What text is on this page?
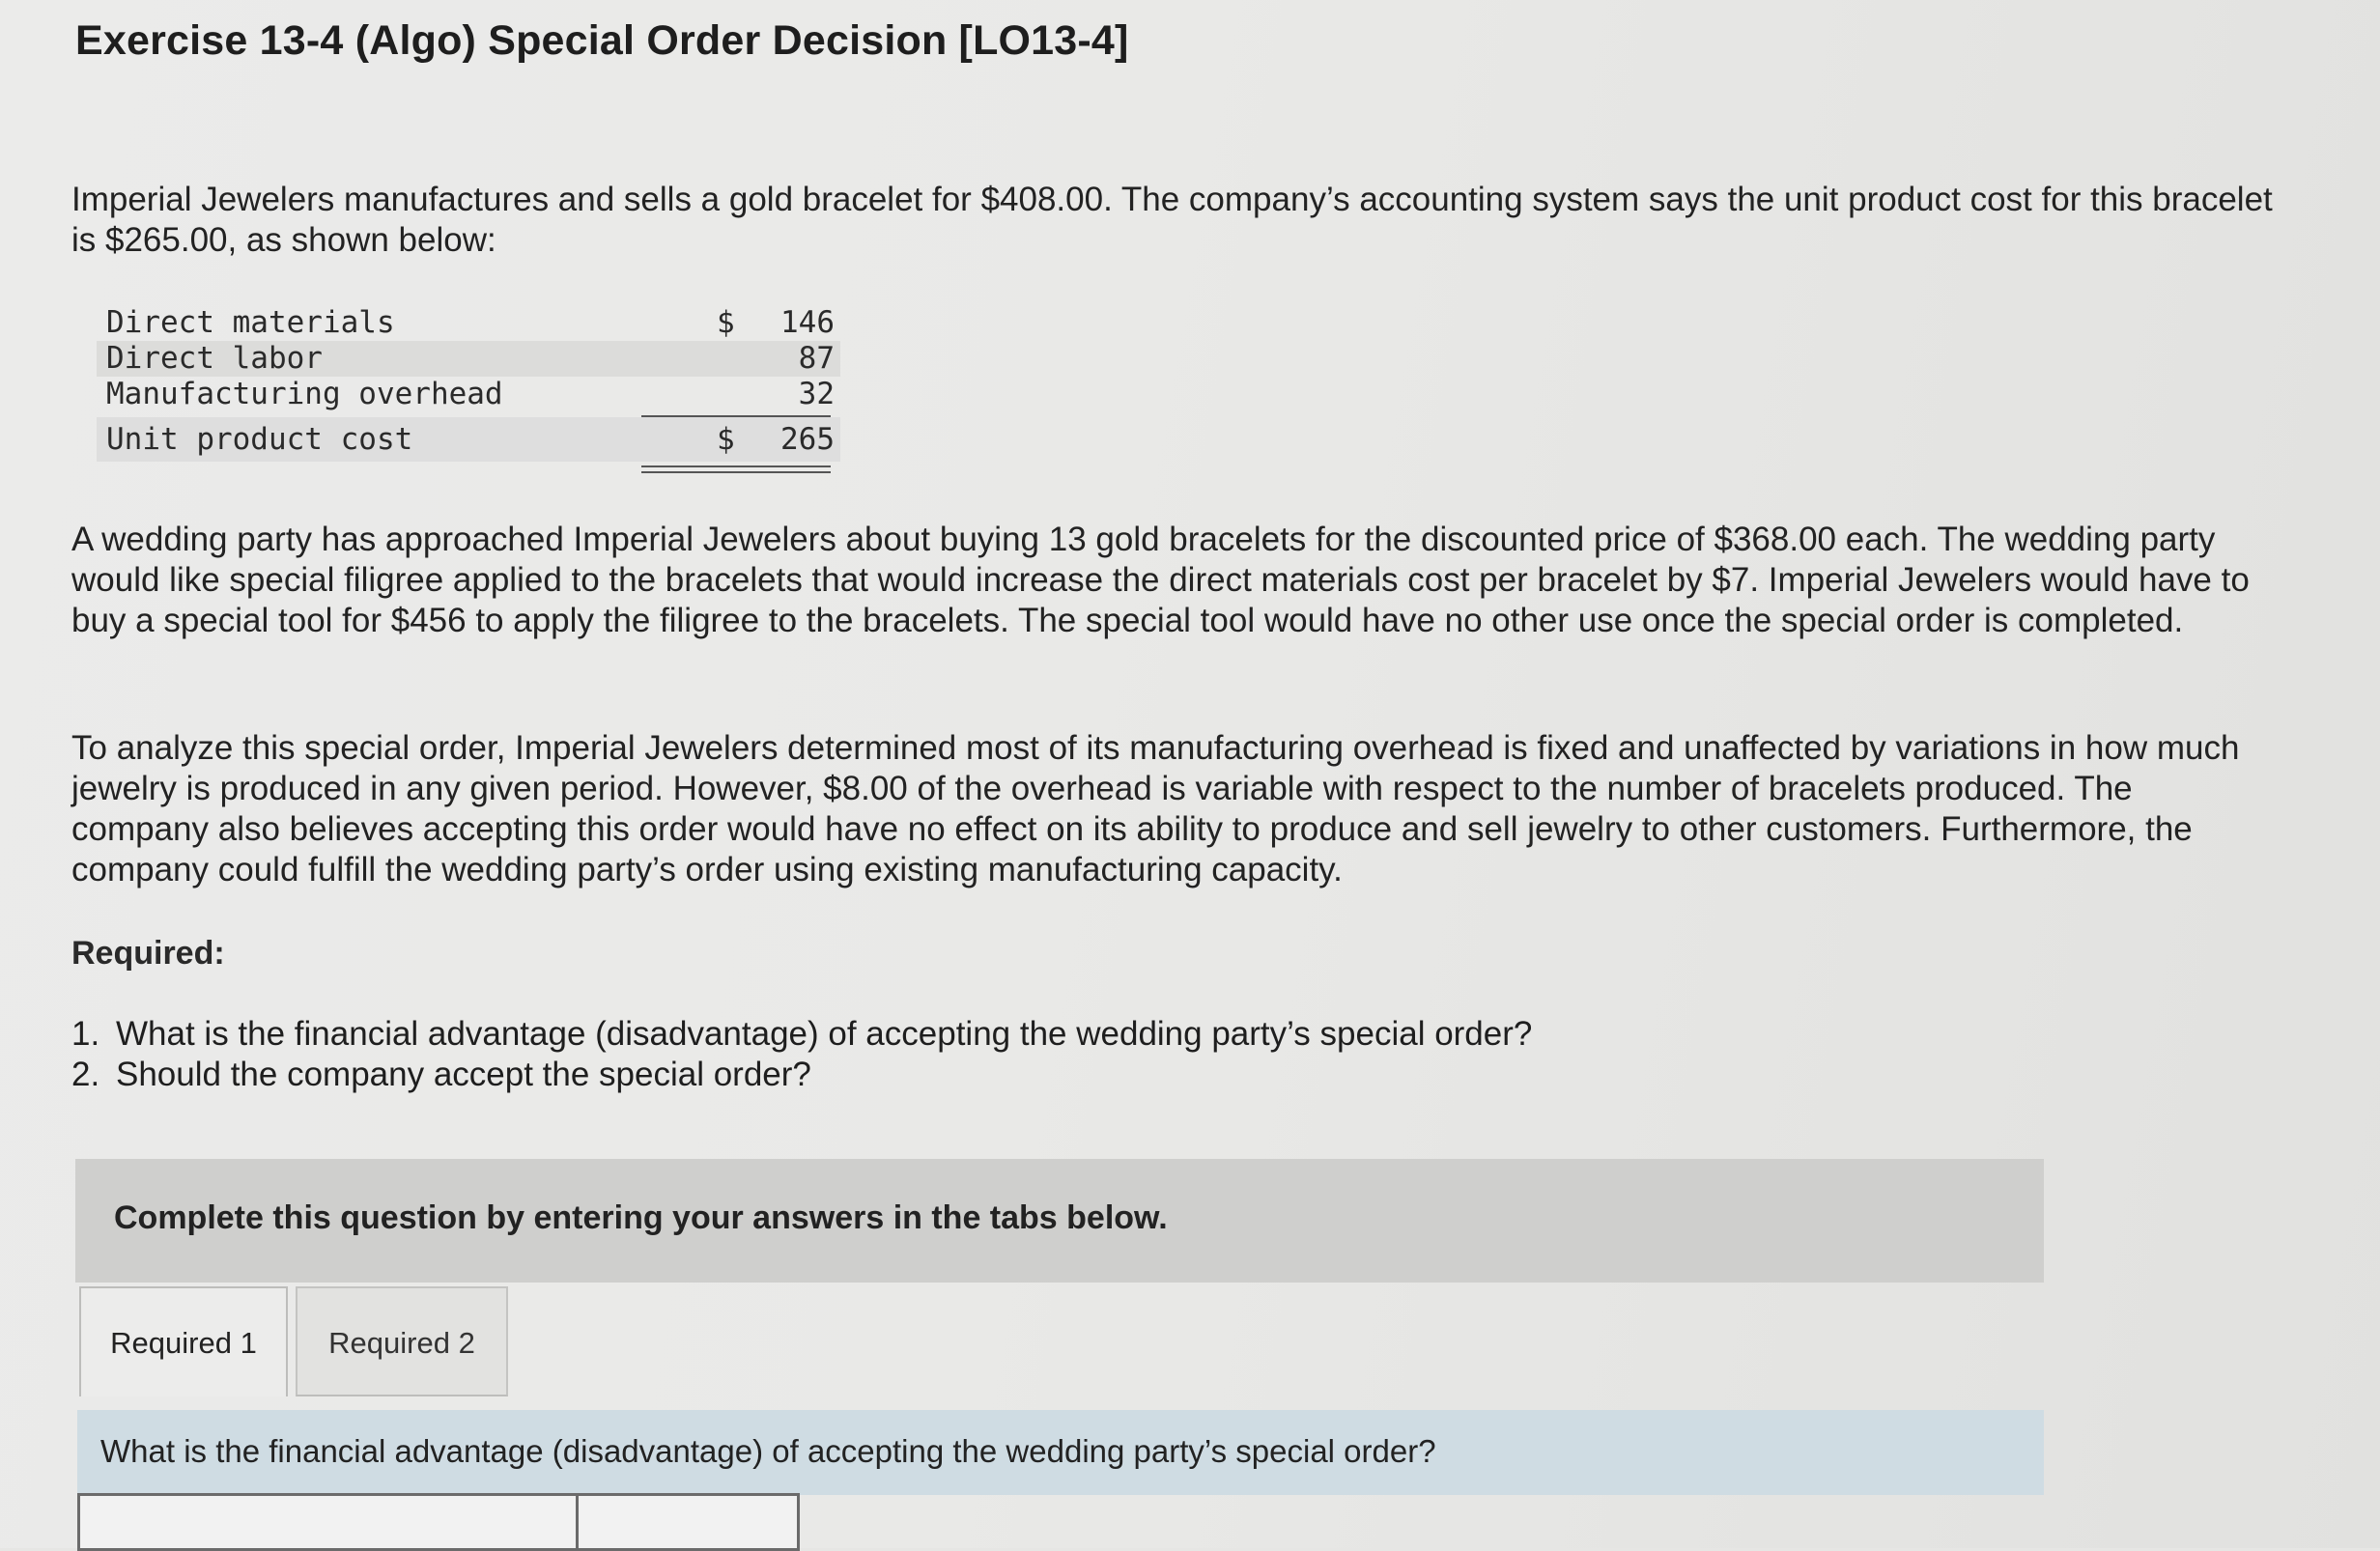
Exercise 13-4 (Algo) Special Order Decision [LO13-4]
Imperial Jewelers manufactures and sells a gold bracelet for $408.00. The company’s accounting system says the unit product cost for this bracelet is $265.00, as shown below:
Direct materials	$	146
Direct labor	87
Manufacturing overhead	32
Unit product cost	$	265
A wedding party has approached Imperial Jewelers about buying 13 gold bracelets for the discounted price of $368.00 each. The wedding party would like special filigree applied to the bracelets that would increase the direct materials cost per bracelet by $7. Imperial Jewelers would have to buy a special tool for $456 to apply the filigree to the bracelets. The special tool would have no other use once the special order is completed.
To analyze this special order, Imperial Jewelers determined most of its manufacturing overhead is fixed and unaffected by variations in how much jewelry is produced in any given period. However, $8.00 of the overhead is variable with respect to the number of bracelets produced. The company also believes accepting this order would have no effect on its ability to produce and sell jewelry to other customers. Furthermore, the company could fulfill the wedding party’s order using existing manufacturing capacity.
Required:
1. What is the financial advantage (disadvantage) of accepting the wedding party’s special order?
2. Should the company accept the special order?
Complete this question by entering your answers in the tabs below.
Required 1	Required 2
What is the financial advantage (disadvantage) of accepting the wedding party’s special order?
